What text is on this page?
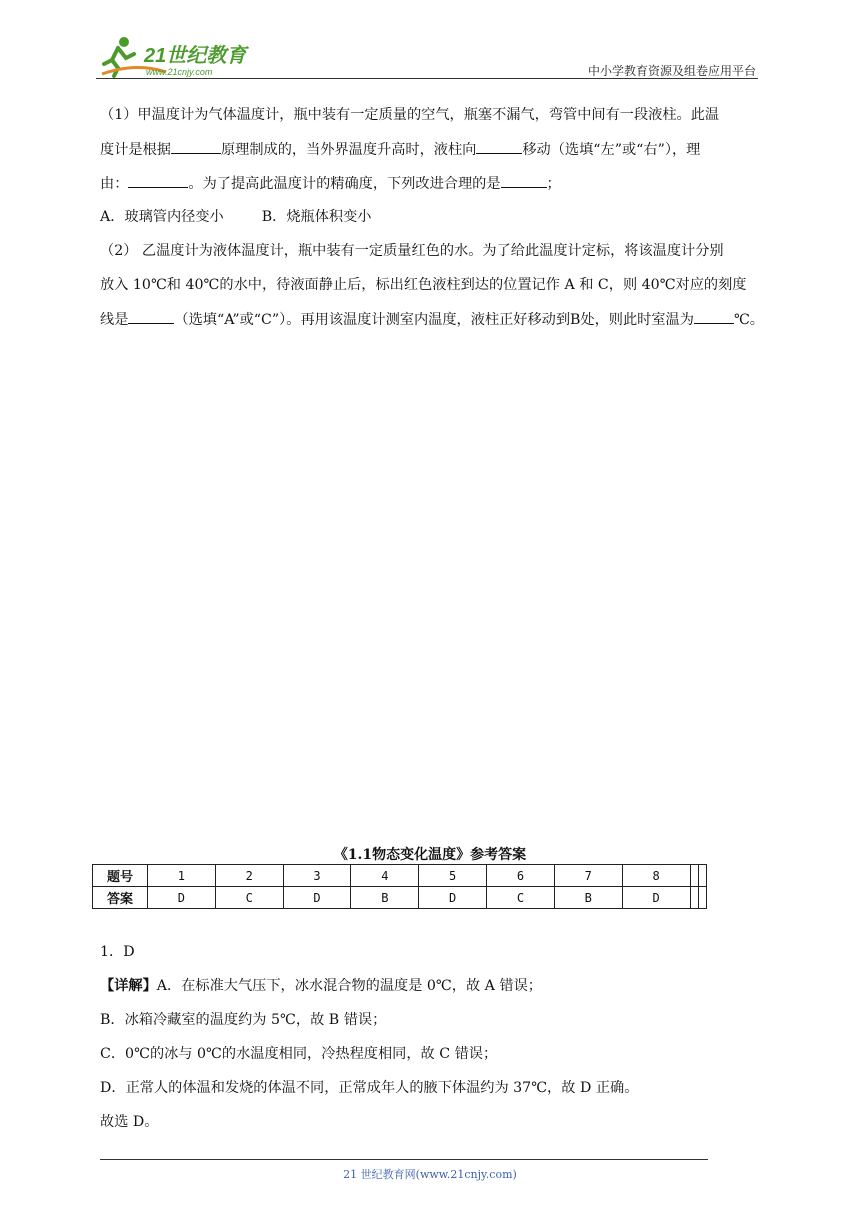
21世纪教育
www.21cnjy.com	中小学教育资源及组卷应用平台
（1）甲温度计为气体温度计，瓶中装有一定质量的空气，瓶塞不漏气，弯管中间有一段液柱。此温
度计是根据	原理制成的，当外界温度升高时，液柱向	移动（选填“左”或“右”），理
由：	。为了提高此温度计的精确度，下列改进合理的是	；
A．玻璃管内径变小	B．烧瓶体积变小
（2） 乙温度计为液体温度计，瓶中装有一定质量红色的水。为了给此温度计定标，将该温度计分别
放入 10℃和 40℃的水中，待液面静止后，标出红色液柱到达的位置记作 A 和 C，则 40℃对应的刻度
线是	（选填“A”或“C”）。再用该温度计测室内温度，液柱正好移动到B处，则此时室温为	℃。
《1.1物态变化温度》参考答案
题号	1	2	3	4	5	6	7	8		
答案	D	C	D	B	D	C	B	D		
1．D
【详解】A．在标准大气压下，冰水混合物的温度是 0℃，故 A 错误；
B．冰箱冷藏室的温度约为 5℃，故 B 错误；
C．0℃的冰与 0℃的水温度相同，冷热程度相同，故 C 错误；
D．正常人的体温和发烧的体温不同，正常成年人的腋下体温约为 37℃，故 D 正确。
故选 D。
21 世纪教育网(www.21cnjy.com)
